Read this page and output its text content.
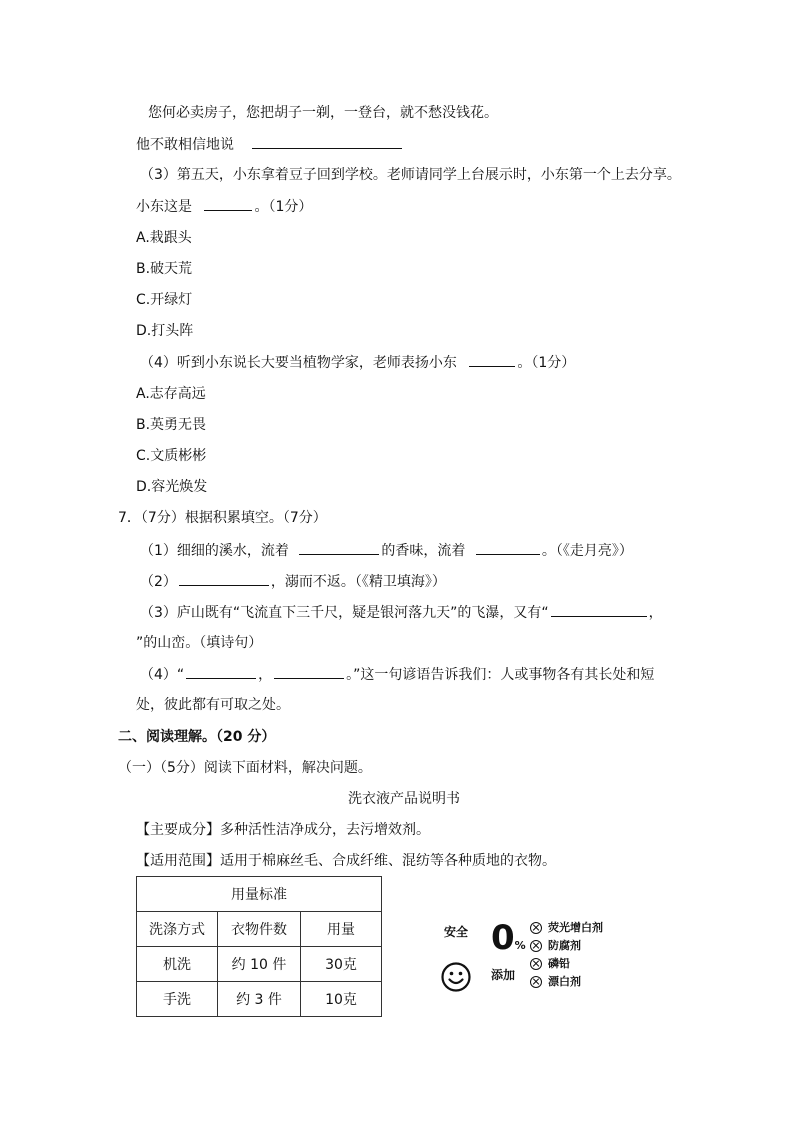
您何必卖房子，您把胡子一剃，一登台，就不愁没钱花。
他不敢相信地说
（3）第五天，小东拿着豆子回到学校。老师请同学上台展示时，小东第一个上去分享。
小东这是	。（1分）
A.栽跟头
B.破天荒
C.开绿灯
D.打头阵
（4）听到小东说长大要当植物学家，老师表扬小东	。（1分）
A.志存高远
B.英勇无畏
C.文质彬彬
D.容光焕发
7．（7分）根据积累填空。（7分）
（1）细细的溪水，流着	的香味，流着	。（《走月亮》）
（2）	，溺而不返。（《精卫填海》）
（3）庐山既有“飞流直下三千尺，疑是银河落九天”的飞瀑，又有“	，
”的山峦。（填诗句）
（4）“	，	。”这一句谚语告诉我们：人或事物各有其长处和短
处，彼此都有可取之处。
二、阅读理解。（20 分）
（一）（5分）阅读下面材料，解决问题。
洗衣液产品说明书
【主要成分】多种活性洁净成分，去污增效剂。
【适用范围】适用于棉麻丝毛、合成纤维、混纺等各种质地的衣物。
用量标准		
洗涤方式	衣物件数	用量
机洗	约 10 件	30克
手洗	约 3 件	10克
安全 0%
添加
荧光增白剂
防腐剂
磷铅
漂白剂
